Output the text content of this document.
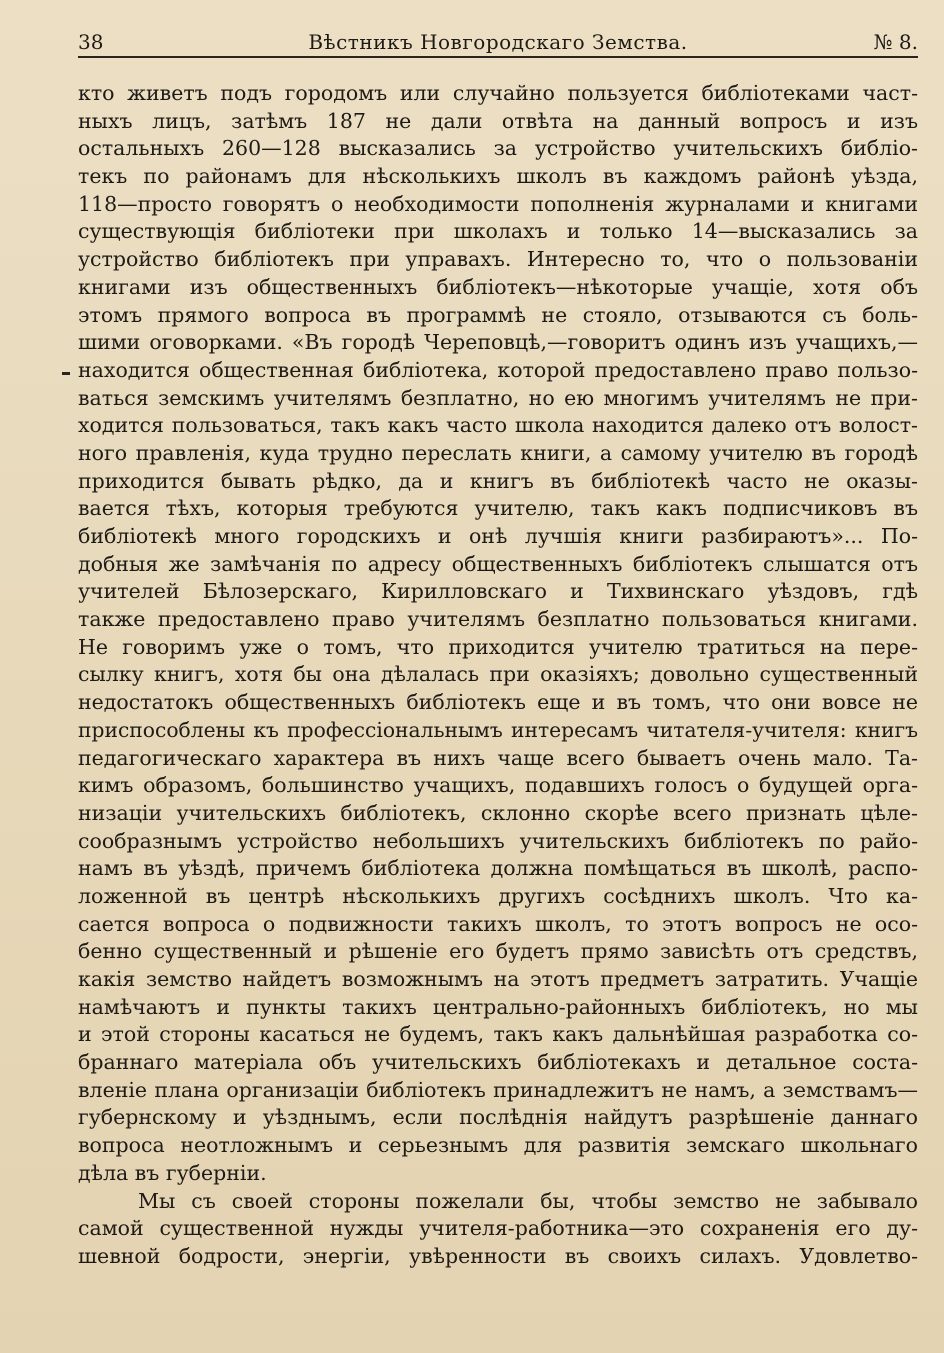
38	Вѣстникъ Новгородскаго Земства.	№ 8.
кто живетъ подъ городомъ или случайно пользуется библіотеками част-
ныхъ лицъ, затѣмъ 187 не дали отвѣта на данный вопросъ и изъ
остальныхъ 260—128 высказались за устройство учительскихъ библіо-
текъ по районамъ для нѣсколькихъ школъ въ каждомъ районѣ уѣзда,
118—просто говорятъ о необходимости пополненія журналами и книгами
существующія библіотеки при школахъ и только 14—высказались за
устройство библіотекъ при управахъ. Интересно то, что о пользованіи
книгами изъ общественныхъ библіотекъ—нѣкоторые учащіе, хотя объ
этомъ прямого вопроса въ программѣ не стояло, отзываются съ боль-
шими оговорками. «Въ городѣ Череповцѣ,—говоритъ одинъ изъ учащихъ,—
находится общественная библіотека, которой предоставлено право пользо-
ваться земскимъ учителямъ безплатно, но ею многимъ учителямъ не при-
ходится пользоваться, такъ какъ часто школа находится далеко отъ волост-
ного правленія, куда трудно переслать книги, а самому учителю въ городѣ
приходится бывать рѣдко, да и книгъ въ библіотекѣ часто не оказы-
вается тѣхъ, которыя требуются учителю, такъ какъ подписчиковъ въ
библіотекѣ много городскихъ и онѣ лучшія книги разбираютъ»... По-
добныя же замѣчанія по адресу общественныхъ библіотекъ слышатся отъ
учителей Бѣлозерскаго, Кирилловскаго и Тихвинскаго уѣздовъ, гдѣ
также предоставлено право учителямъ безплатно пользоваться книгами.
Не говоримъ уже о томъ, что приходится учителю тратиться на пере-
сылку книгъ, хотя бы она дѣлалась при оказіяхъ; довольно существенный
недостатокъ общественныхъ библіотекъ еще и въ томъ, что они вовсе не
приспособлены къ профессіональнымъ интересамъ читателя-учителя: книгъ
педагогическаго характера въ нихъ чаще всего бываетъ очень мало. Та-
кимъ образомъ, большинство учащихъ, подавшихъ голосъ о будущей орга-
низаціи учительскихъ библіотекъ, склонно скорѣе всего признать цѣле-
сообразнымъ устройство небольшихъ учительскихъ библіотекъ по райо-
намъ въ уѣздѣ, причемъ библіотека должна помѣщаться въ школѣ, распо-
ложенной въ центрѣ нѣсколькихъ другихъ сосѣднихъ школъ. Что ка-
сается вопроса о подвижности такихъ школъ, то этотъ вопросъ не осо-
бенно существенный и рѣшеніе его будетъ прямо зависѣть отъ средствъ,
какія земство найдетъ возможнымъ на этотъ предметъ затратить. Учащіе
намѣчаютъ и пункты такихъ центрально-районныхъ библіотекъ, но мы
и этой стороны касаться не будемъ, такъ какъ дальнѣйшая разработка со-
браннаго матеріала объ учительскихъ библіотекахъ и детальное соста-
вленіе плана организаціи библіотекъ принадлежитъ не намъ, а земствамъ—
губернскому и уѣзднымъ, если послѣднія найдутъ разрѣшеніе даннаго
вопроса неотложнымъ и серьезнымъ для развитія земскаго школьнаго
дѣла въ губерніи.
Мы съ своей стороны пожелали бы, чтобы земство не забывало
самой существенной нужды учителя-работника—это сохраненія его ду-
шевной бодрости, энергіи, увѣренности въ своихъ силахъ. Удовлетво-
